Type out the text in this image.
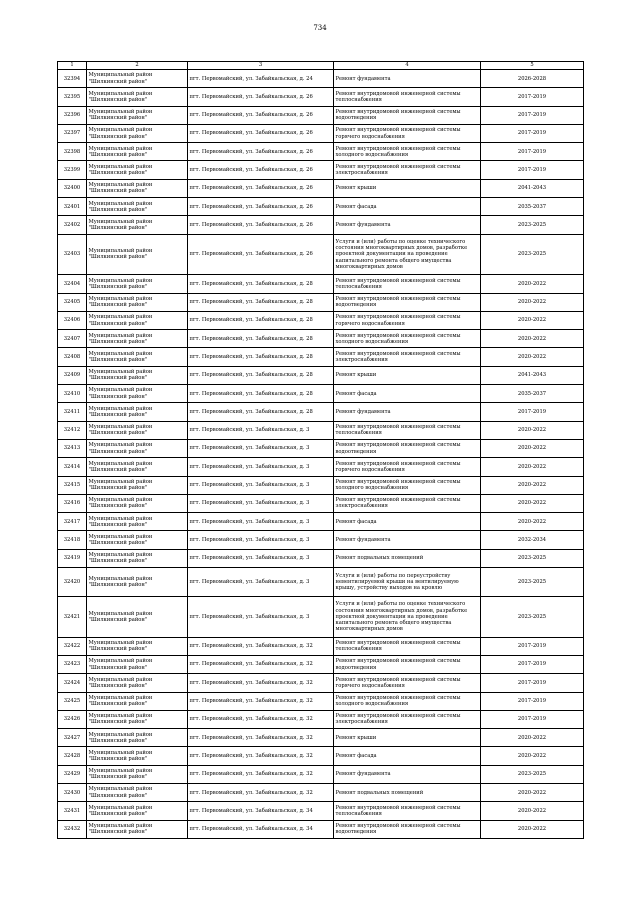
734
1	2	3	4	5
32394	Муниципальный район "Шилкинский район"	пгт. Первомайский, ул. Забайкальская, д. 24	Ремонт фундамента	2026-2028
32395	Муниципальный район "Шилкинский район"	пгт. Первомайский, ул. Забайкальская, д. 26	Ремонт внутридомовой инженерной системы теплоснабжения	2017-2019
32396	Муниципальный район "Шилкинский район"	пгт. Первомайский, ул. Забайкальская, д. 26	Ремонт внутридомовой инженерной системы водоотведения	2017-2019
32397	Муниципальный район "Шилкинский район"	пгт. Первомайский, ул. Забайкальская, д. 26	Ремонт внутридомовой инженерной системы горячего водоснабжения	2017-2019
32398	Муниципальный район "Шилкинский район"	пгт. Первомайский, ул. Забайкальская, д. 26	Ремонт внутридомовой инженерной системы холодного водоснабжения	2017-2019
32399	Муниципальный район "Шилкинский район"	пгт. Первомайский, ул. Забайкальская, д. 26	Ремонт внутридомовой инженерной системы электроснабжения	2017-2019
32400	Муниципальный район "Шилкинский район"	пгт. Первомайский, ул. Забайкальская, д. 26	Ремонт крыши	2041-2043
32401	Муниципальный район "Шилкинский район"	пгт. Первомайский, ул. Забайкальская, д. 26	Ремонт фасада	2035-2037
32402	Муниципальный район "Шилкинский район"	пгт. Первомайский, ул. Забайкальская, д. 26	Ремонт фундамента	2023-2025
32403	Муниципальный район "Шилкинский район"	пгт. Первомайский, ул. Забайкальская, д. 26	Услуги и (или) работы по оценке технического состояния многоквартирных домов, разработке проектной документации на проведение капитального ремонта общего имущества многоквартирных домов	2023-2025
32404	Муниципальный район "Шилкинский район"	пгт. Первомайский, ул. Забайкальская, д. 28	Ремонт внутридомовой инженерной системы теплоснабжения	2020-2022
32405	Муниципальный район "Шилкинский район"	пгт. Первомайский, ул. Забайкальская, д. 28	Ремонт внутридомовой инженерной системы водоотведения	2020-2022
32406	Муниципальный район "Шилкинский район"	пгт. Первомайский, ул. Забайкальская, д. 28	Ремонт внутридомовой инженерной системы горячего водоснабжения	2020-2022
32407	Муниципальный район "Шилкинский район"	пгт. Первомайский, ул. Забайкальская, д. 28	Ремонт внутридомовой инженерной системы холодного водоснабжения	2020-2022
32408	Муниципальный район "Шилкинский район"	пгт. Первомайский, ул. Забайкальская, д. 28	Ремонт внутридомовой инженерной системы электроснабжения	2020-2022
32409	Муниципальный район "Шилкинский район"	пгт. Первомайский, ул. Забайкальская, д. 28	Ремонт крыши	2041-2043
32410	Муниципальный район "Шилкинский район"	пгт. Первомайский, ул. Забайкальская, д. 28	Ремонт фасада	2035-2037
32411	Муниципальный район "Шилкинский район"	пгт. Первомайский, ул. Забайкальская, д. 28	Ремонт фундамента	2017-2019
32412	Муниципальный район "Шилкинский район"	пгт. Первомайский, ул. Забайкальская, д. 3	Ремонт внутридомовой инженерной системы теплоснабжения	2020-2022
32413	Муниципальный район "Шилкинский район"	пгт. Первомайский, ул. Забайкальская, д. 3	Ремонт внутридомовой инженерной системы водоотведения	2020-2022
32414	Муниципальный район "Шилкинский район"	пгт. Первомайский, ул. Забайкальская, д. 3	Ремонт внутридомовой инженерной системы горячего водоснабжения	2020-2022
32415	Муниципальный район "Шилкинский район"	пгт. Первомайский, ул. Забайкальская, д. 3	Ремонт внутридомовой инженерной системы холодного водоснабжения	2020-2022
32416	Муниципальный район "Шилкинский район"	пгт. Первомайский, ул. Забайкальская, д. 3	Ремонт внутридомовой инженерной системы электроснабжения	2020-2022
32417	Муниципальный район "Шилкинский район"	пгт. Первомайский, ул. Забайкальская, д. 3	Ремонт фасада	2020-2022
32418	Муниципальный район "Шилкинский район"	пгт. Первомайский, ул. Забайкальская, д. 3	Ремонт фундамента	2032-2034
32419	Муниципальный район "Шилкинский район"	пгт. Первомайский, ул. Забайкальская, д. 3	Ремонт подвальных помещений	2023-2025
32420	Муниципальный район "Шилкинский район"	пгт. Первомайский, ул. Забайкальская, д. 3	Услуги и (или) работы по переустройству невентилируемой крыши на вентилируемую крышу, устройству выходов на кровлю	2023-2025
32421	Муниципальный район "Шилкинский район"	пгт. Первомайский, ул. Забайкальская, д. 3	Услуги и (или) работы по оценке технического состояния многоквартирных домов, разработке проектной документации на проведение капитального ремонта общего имущества многоквартирных домов	2023-2025
32422	Муниципальный район "Шилкинский район"	пгт. Первомайский, ул. Забайкальская, д. 32	Ремонт внутридомовой инженерной системы теплоснабжения	2017-2019
32423	Муниципальный район "Шилкинский район"	пгт. Первомайский, ул. Забайкальская, д. 32	Ремонт внутридомовой инженерной системы водоотведения	2017-2019
32424	Муниципальный район "Шилкинский район"	пгт. Первомайский, ул. Забайкальская, д. 32	Ремонт внутридомовой инженерной системы горячего водоснабжения	2017-2019
32425	Муниципальный район "Шилкинский район"	пгт. Первомайский, ул. Забайкальская, д. 32	Ремонт внутридомовой инженерной системы холодного водоснабжения	2017-2019
32426	Муниципальный район "Шилкинский район"	пгт. Первомайский, ул. Забайкальская, д. 32	Ремонт внутридомовой инженерной системы электроснабжения	2017-2019
32427	Муниципальный район "Шилкинский район"	пгт. Первомайский, ул. Забайкальская, д. 32	Ремонт крыши	2020-2022
32428	Муниципальный район "Шилкинский район"	пгт. Первомайский, ул. Забайкальская, д. 32	Ремонт фасада	2020-2022
32429	Муниципальный район "Шилкинский район"	пгт. Первомайский, ул. Забайкальская, д. 32	Ремонт фундамента	2023-2025
32430	Муниципальный район "Шилкинский район"	пгт. Первомайский, ул. Забайкальская, д. 32	Ремонт подвальных помещений	2020-2022
32431	Муниципальный район "Шилкинский район"	пгт. Первомайский, ул. Забайкальская, д. 34	Ремонт внутридомовой инженерной системы теплоснабжения	2020-2022
32432	Муниципальный район "Шилкинский район"	пгт. Первомайский, ул. Забайкальская, д. 34	Ремонт внутридомовой инженерной системы водоотведения	2020-2022
